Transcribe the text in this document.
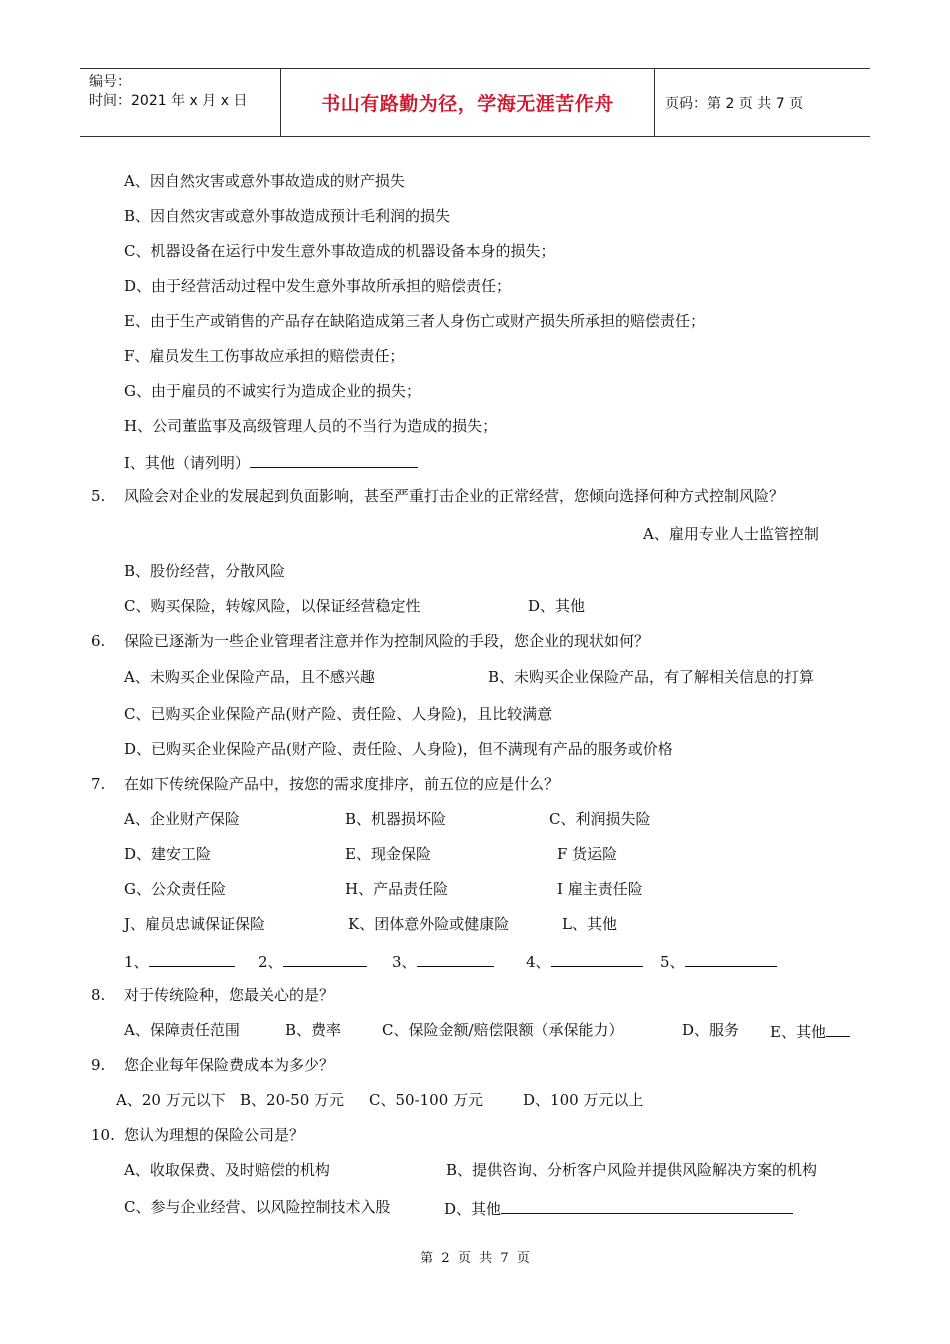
编号：
时间：2021 年 x 月 x 日	书山有路勤为径，学海无涯苦作舟	页码：第 2 页 共 7 页
A、因自然灾害或意外事故造成的财产损失
B、因自然灾害或意外事故造成预计毛利润的损失
C、机器设备在运行中发生意外事故造成的机器设备本身的损失；
D、由于经营活动过程中发生意外事故所承担的赔偿责任；
E、由于生产或销售的产品存在缺陷造成第三者人身伤亡或财产损失所承担的赔偿责任；
F、雇员发生工伤事故应承担的赔偿责任；
G、由于雇员的不诚实行为造成企业的损失；
H、公司董监事及高级管理人员的不当行为造成的损失；
I、其他（请列明）
5. 风险会对企业的发展起到负面影响，甚至严重打击企业的正常经营，您倾向选择何种方式控制风险？
A、雇用专业人士监管控制
B、股份经营，分散风险
C、购买保险，转嫁风险，以保证经营稳定性	D、其他
6. 保险已逐渐为一些企业管理者注意并作为控制风险的手段，您企业的现状如何？
A、未购买企业保险产品，且不感兴趣	B、未购买企业保险产品，有了解相关信息的打算
C、已购买企业保险产品(财产险、责任险、人身险)，且比较满意
D、已购买企业保险产品(财产险、责任险、人身险)，但不满现有产品的服务或价格
7. 在如下传统保险产品中，按您的需求度排序，前五位的应是什么？
A、企业财产保险	B、机器损坏险	C、利润损失险
D、建安工险	E、现金保险	F 货运险
G、公众责任险	H、产品责任险	I 雇主责任险
J、雇员忠诚保证保险	K、团体意外险或健康险	L、其他
1、	2、	3、	4、	5、
8. 对于传统险种，您最关心的是？
A、保障责任范围	B、费率	C、保险金额/赔偿限额（承保能力）	D、服务 E、其他
9. 您企业每年保险费成本为多少？
A、20 万元以下 B、20-50 万元 C、50-100 万元	D、100 万元以上
10. 您认为理想的保险公司是？
A、收取保费、及时赔偿的机构	B、提供咨询、分析客户风险并提供风险解决方案的机构
C、参与企业经营、以风险控制技术入股	D、其他
第  2  页  共  7  页
